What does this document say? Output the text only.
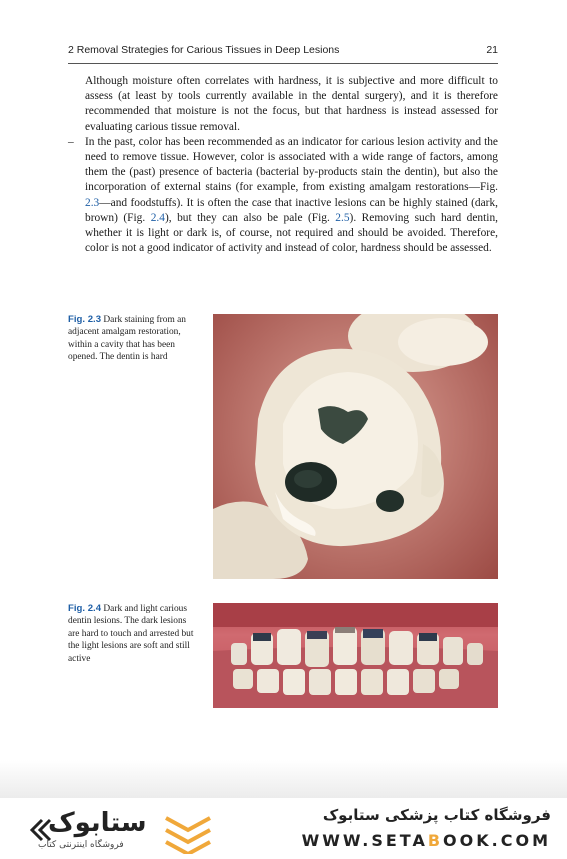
2 Removal Strategies for Carious Tissues in Deep Lesions	21

Although moisture often correlates with hardness, it is subjective and more difficult to assess (at least by tools currently available in the dental surgery), and it is therefore recommended that moisture is not the focus, but that hardness is instead assessed for evaluating carious tissue removal.

– In the past, color has been recommended as an indicator for carious lesion activity and the need to remove tissue. However, color is associated with a wide range of factors, among them the (past) presence of bacteria (bacterial by-products stain the dentin), but also the incorporation of external stains (for example, from existing amalgam restorations—Fig. 2.3—and foodstuffs). It is often the case that inactive lesions can be highly stained (dark, brown) (Fig. 2.4), but they can also be pale (Fig. 2.5). Removing such hard dentin, whether it is light or dark is, of course, not required and should be avoided. Therefore, color is not a good indicator of activity and instead of color, hardness should be assessed.

Fig. 2.3 Dark staining from an adjacent amalgam restoration, within a cavity that has been opened. The dentin is hard
Fig. 2.4 Dark and light carious dentin lesions. The dark lesions are hard to touch and arrested but the light lesions are soft and still active
ستابوک
فروشگاه اینترنتی کتاب
فروشگاه کتاب پزشکی ستابوک
WWW.SETABOOK.COM
